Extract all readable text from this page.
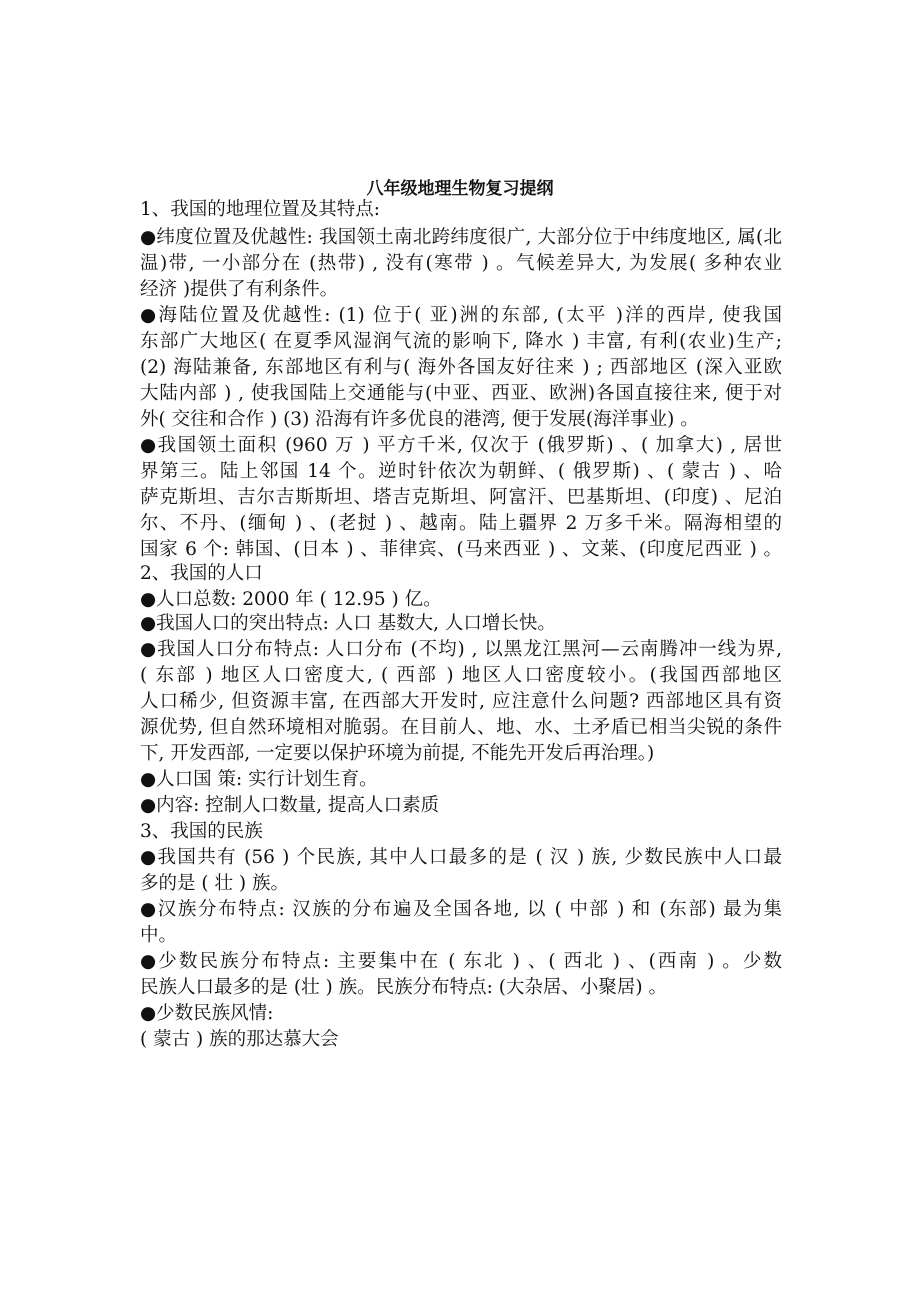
八年级地理生物复习提纲
1、我国的地理位置及其特点:
●纬度位置及优越性: 我国领土南北跨纬度很广, 大部分位于中纬度地区, 属(北
温)带, 一小部分在 (热带) , 没有(寒带 ) 。气候差异大, 为发展( 多种农业
经济 )提供了有利条件。
●海陆位置及优越性: (1) 位于( 亚)洲的东部, (太平 )洋的西岸, 使我国
东部广大地区( 在夏季风湿润气流的影响下, 降水 ) 丰富, 有利(农业)生产;
(2) 海陆兼备, 东部地区有利与( 海外各国友好往来 ) ; 西部地区 (深入亚欧
大陆内部 ) , 使我国陆上交通能与(中亚、西亚、欧洲)各国直接往来, 便于对
外( 交往和合作 ) (3) 沿海有许多优良的港湾, 便于发展(海洋事业) 。
●我国领土面积 (960 万 ) 平方千米, 仅次于 (俄罗斯) 、( 加拿大) , 居世
界第三。陆上邻国 14 个。逆时针依次为朝鲜、( 俄罗斯) 、( 蒙古 ) 、哈
萨克斯坦、吉尔吉斯斯坦、塔吉克斯坦、阿富汗、巴基斯坦、(印度) 、尼泊
尔、不丹、(缅甸 ) 、(老挝 ) 、越南。陆上疆界 2 万多千米。隔海相望的
国家 6 个: 韩国、(日本 ) 、菲律宾、(马来西亚 ) 、文莱、(印度尼西亚 ) 。
2、我国的人口
●人口总数: 2000 年 ( 12.95 ) 亿。
●我国人口的突出特点: 人口 基数大, 人口增长快。
●我国人口分布特点: 人口分布 (不均) , 以黑龙江黑河—云南腾冲一线为界,
( 东部 ) 地区人口密度大, ( 西部 ) 地区人口密度较小。(我国西部地区
人口稀少, 但资源丰富, 在西部大开发时, 应注意什么问题? 西部地区具有资
源优势, 但自然环境相对脆弱。在目前人、地、水、土矛盾已相当尖锐的条件
下, 开发西部, 一定要以保护环境为前提, 不能先开发后再治理。)
●人口国 策: 实行计划生育。
●内容: 控制人口数量, 提高人口素质
3、我国的民族
●我国共有 (56 ) 个民族, 其中人口最多的是 ( 汉 ) 族, 少数民族中人口最
多的是 ( 壮 ) 族。
●汉族分布特点: 汉族的分布遍及全国各地, 以 ( 中部 ) 和 (东部) 最为集
中。
●少数民族分布特点: 主要集中在 ( 东北 ) 、( 西北 ) 、(西南 ) 。少数
民族人口最多的是 (壮 ) 族。民族分布特点: (大杂居、小聚居) 。
●少数民族风情:
( 蒙古 ) 族的那达慕大会
